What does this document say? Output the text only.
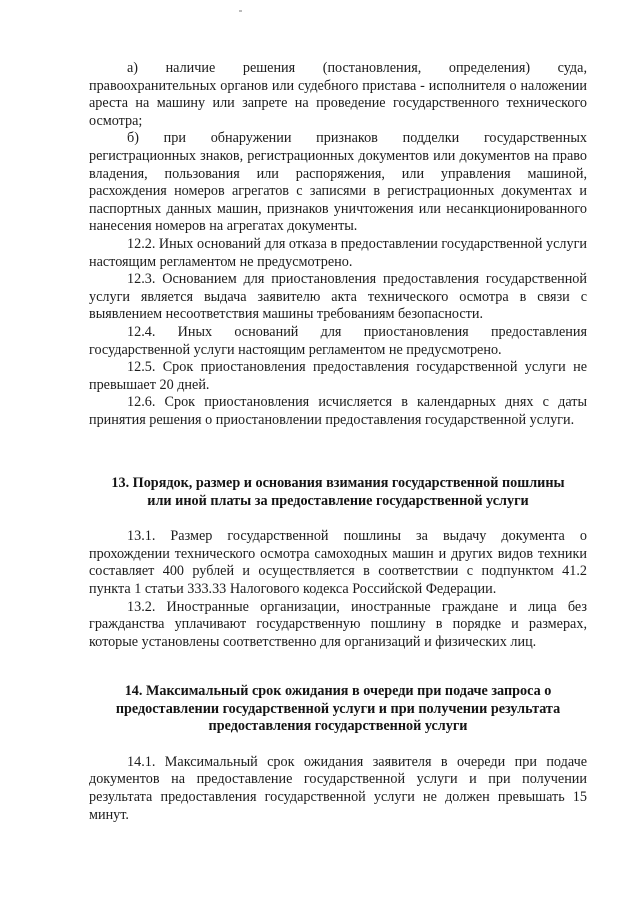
а) наличие решения (постановления, определения) суда, правоохранительных органов или судебного пристава - исполнителя о наложении ареста на машину или запрете на проведение государственного технического осмотра;

б) при обнаружении признаков подделки государственных регистрационных знаков, регистрационных документов или документов на право владения, пользования или распоряжения, или управления машиной, расхождения номеров агрегатов с записями в регистрационных документах и паспортных данных машин, признаков уничтожения или несанкционированного нанесения номеров на агрегатах документы.

12.2. Иных оснований для отказа в предоставлении государственной услуги настоящим регламентом не предусмотрено.

12.3. Основанием для приостановления предоставления государственной услуги является выдача заявителю акта технического осмотра в связи с выявлением несоответствия машины требованиям безопасности.

12.4. Иных оснований для приостановления предоставления государственной услуги настоящим регламентом не предусмотрено.

12.5. Срок приостановления предоставления государственной услуги не превышает 20 дней.

12.6. Срок приостановления исчисляется в календарных днях с даты принятия решения о приостановлении предоставления государственной услуги.

13. Порядок, размер и основания взимания государственной пошлины или иной платы за предоставление государственной услуги

13.1. Размер государственной пошлины за выдачу документа о прохождении технического осмотра самоходных машин и других видов техники составляет 400 рублей и осуществляется в соответствии с подпунктом 41.2 пункта 1 статьи 333.33 Налогового кодекса Российской Федерации.

13.2. Иностранные организации, иностранные граждане и лица без гражданства уплачивают государственную пошлину в порядке и размерах, которые установлены соответственно для организаций и физических лиц.

14. Максимальный срок ожидания в очереди при подаче запроса о предоставлении государственной услуги и при получении результата предоставления государственной услуги

14.1. Максимальный срок ожидания заявителя в очереди при подаче документов на предоставление государственной услуги и при получении результата предоставления государственной услуги не должен превышать 15 минут.
